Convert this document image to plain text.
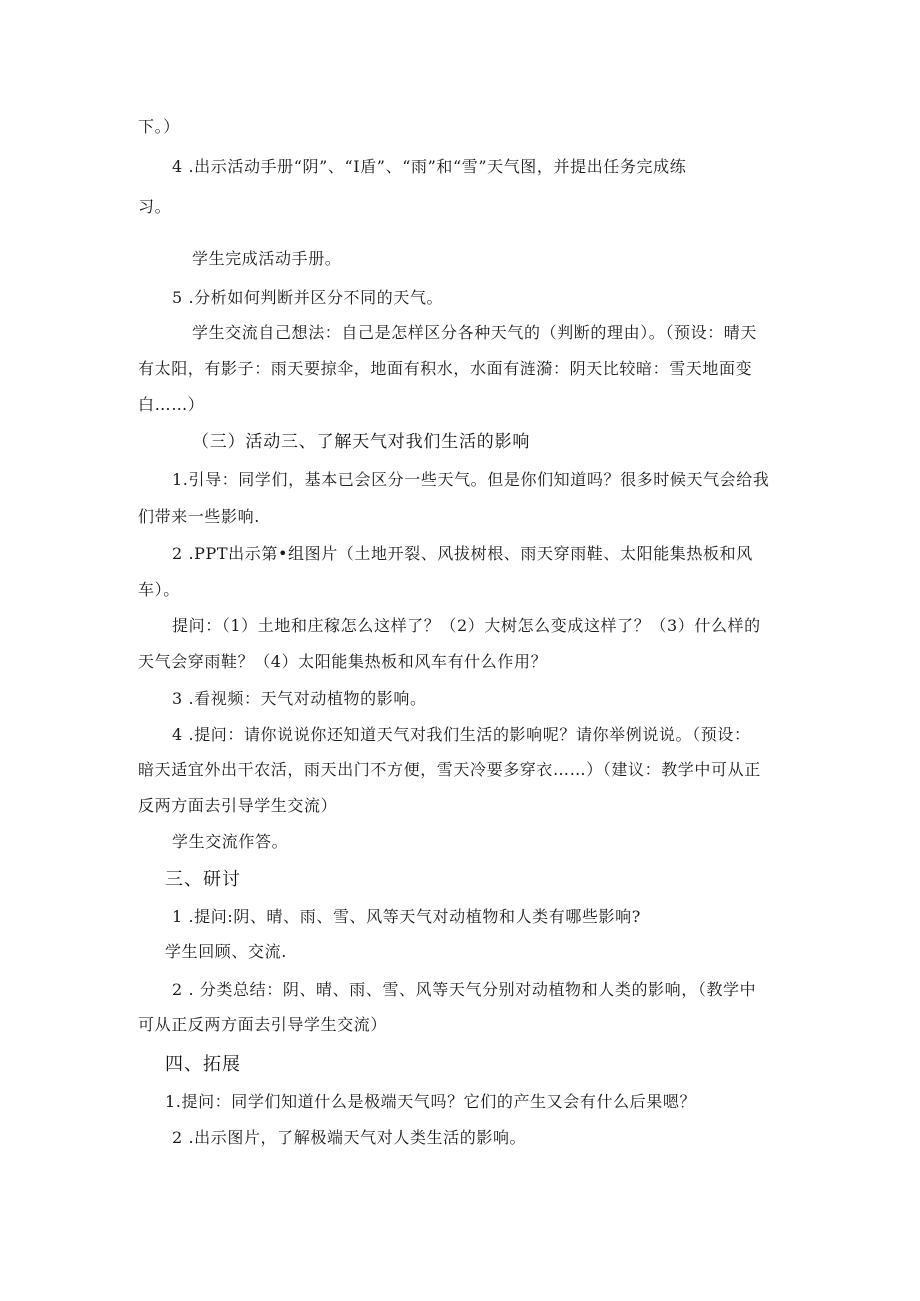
下。）
4 .出示活动手册“阴”、“I盾”、“雨”和“雪”天气图，并提出任务完成练
习。
学生完成活动手册。
5 .分析如何判断并区分不同的天气。
学生交流自己想法：自己是怎样区分各种天气的（判断的理由）。（预设：晴天
有太阳，有影子：雨天要掠伞，地面有积水，水面有涟漪：阴天比较暗：雪天地面变
白……）
（三）活动三、了解天气对我们生活的影响
1.引导：同学们，基本已会区分一些天气。但是你们知道吗？很多时候天气会给我
们带来一些影响.
2 .PPT出示第•组图片（土地开裂、风拔树根、雨天穿雨鞋、太阳能集热板和风
车）。
提问：（1）土地和庄稼怎么这样了？（2）大树怎么变成这样了？（3）什么样的
天气会穿雨鞋？（4）太阳能集热板和风车有什么作用？
3 .看视频：天气对动植物的影响。
4 .提问：请你说说你还知道天气对我们生活的影响呢？请你举例说说。（预设：
暗天适宜外出干农活，雨天出门不方便，雪天冷要多穿衣……）（建议：教学中可从正
反两方面去引导学生交流）
学生交流作答。
三、研讨
1 .提问:阴、晴、雨、雪、风等天气对动植物和人类有哪些影响?
学生回顾、交流.
2 . 分类总结：阴、晴、雨、雪、风等天气分别对动植物和人类的影响，（教学中
可从正反两方面去引导学生交流）
四、拓展
1.提问：同学们知道什么是极端天气吗？它们的产生又会有什么后果嗯？
2 .出示图片，了解极端天气对人类生活的影响。
